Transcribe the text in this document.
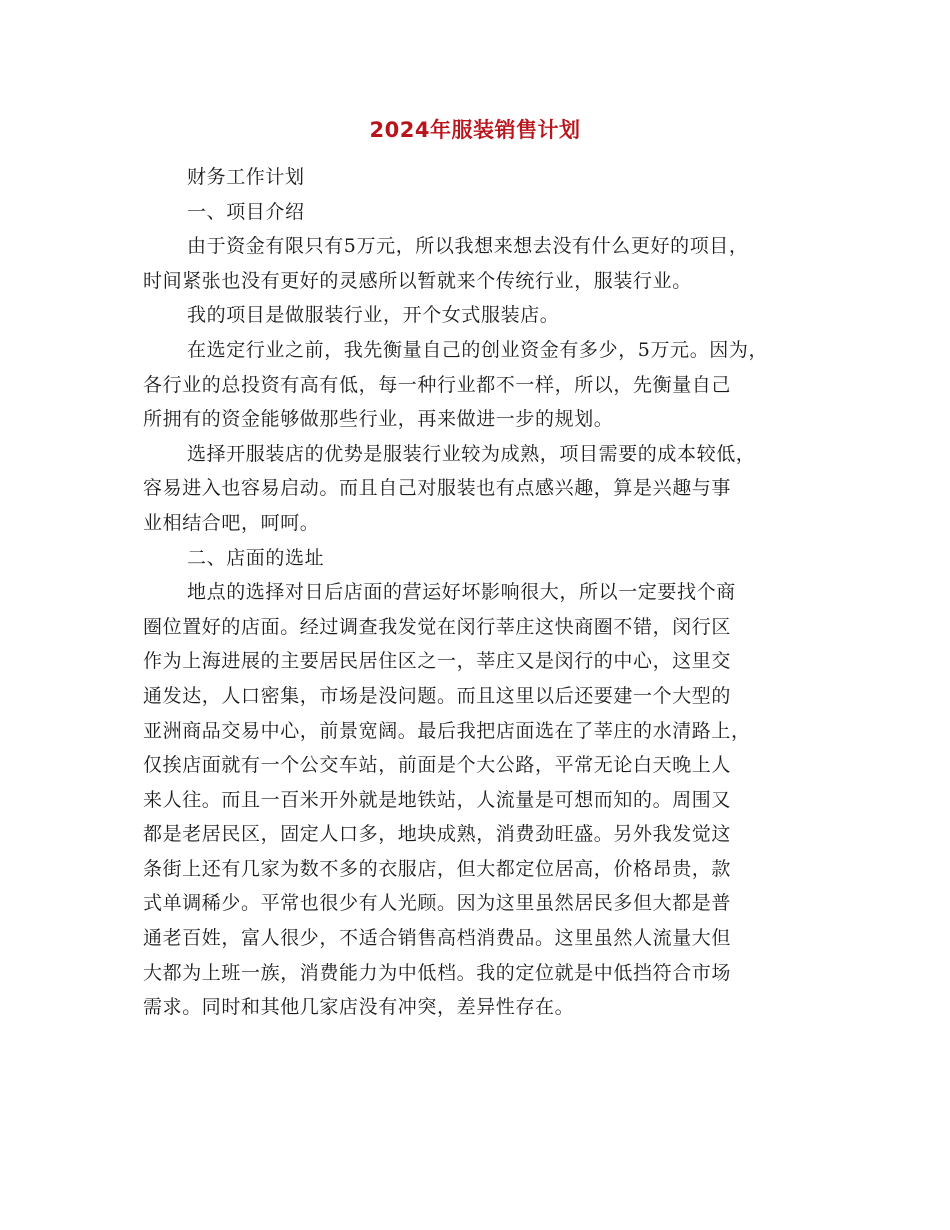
2024年服装销售计划
财务工作计划
一、项目介绍
由于资金有限只有5万元，所以我想来想去没有什么更好的项目，
时间紧张也没有更好的灵感所以暂就来个传统行业，服装行业。
我的项目是做服装行业，开个女式服装店。
在选定行业之前，我先衡量自己的创业资金有多少，5万元。因为，
各行业的总投资有高有低，每一种行业都不一样，所以，先衡量自己
所拥有的资金能够做那些行业，再来做进一步的规划。
选择开服装店的优势是服装行业较为成熟，项目需要的成本较低，
容易进入也容易启动。而且自己对服装也有点感兴趣，算是兴趣与事
业相结合吧，呵呵。
二、店面的选址
地点的选择对日后店面的营运好坏影响很大，所以一定要找个商
圈位置好的店面。经过调查我发觉在闵行莘庄这快商圈不错，闵行区
作为上海进展的主要居民居住区之一，莘庄又是闵行的中心，这里交
通发达，人口密集，市场是没问题。而且这里以后还要建一个大型的
亚洲商品交易中心，前景宽阔。最后我把店面选在了莘庄的水清路上，
仅挨店面就有一个公交车站，前面是个大公路，平常无论白天晚上人
来人往。而且一百米开外就是地铁站，人流量是可想而知的。周围又
都是老居民区，固定人口多，地块成熟，消费劲旺盛。另外我发觉这
条街上还有几家为数不多的衣服店，但大都定位居高，价格昂贵，款
式单调稀少。平常也很少有人光顾。因为这里虽然居民多但大都是普
通老百姓，富人很少，不适合销售高档消费品。这里虽然人流量大但
大都为上班一族，消费能力为中低档。我的定位就是中低挡符合市场
需求。同时和其他几家店没有冲突，差异性存在。
